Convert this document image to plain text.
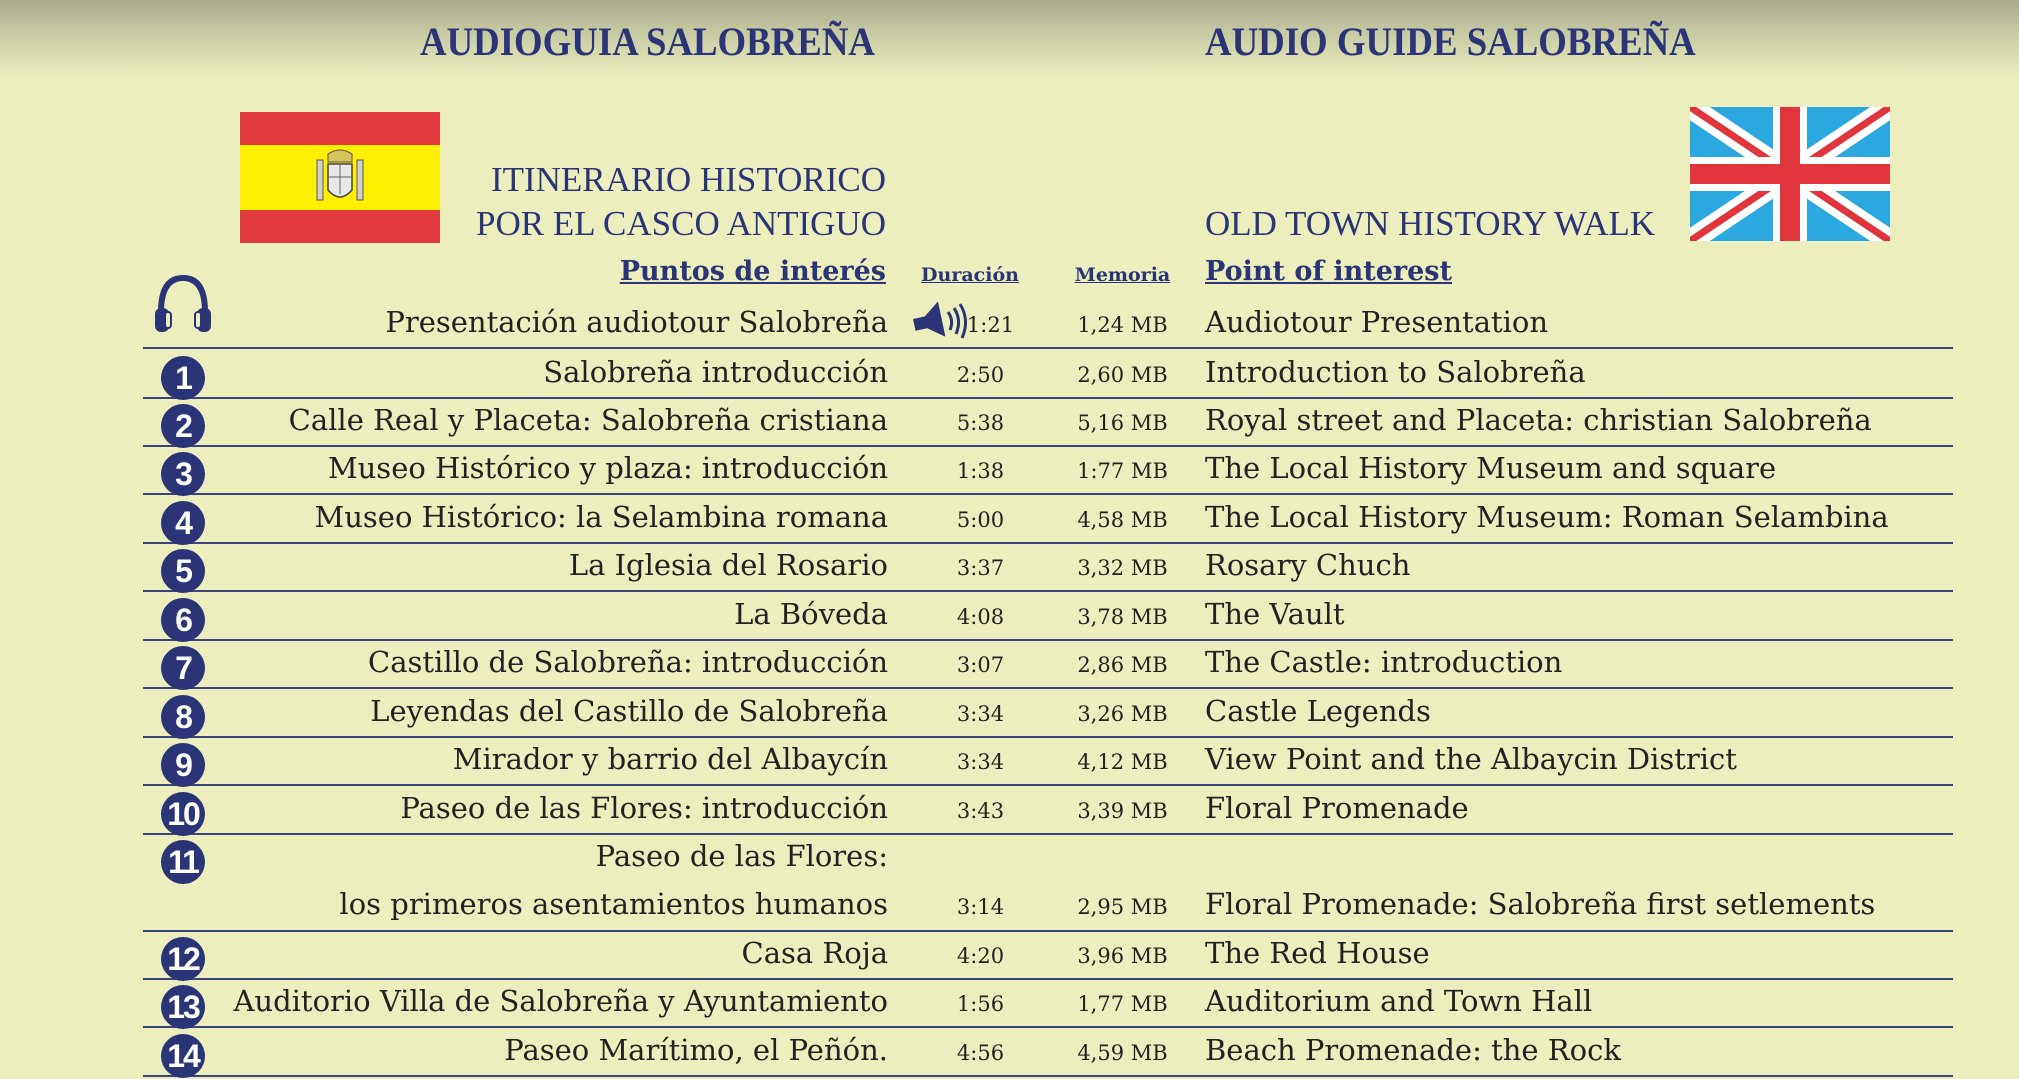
AUDIOGUIA SALOBREÑA	AUDIO GUIDE SALOBREÑA
ITINERARIO HISTORICO
POR EL CASCO ANTIGUO	OLD TOWN HISTORY WALK
Puntos de interés	Duración	Memoria	Point of interest
Presentación audiotour Salobreña	1:21	1,24 MB	Audiotour Presentation
1	Salobreña introducción	2:50	2,60 MB	Introduction to Salobreña
2	Calle Real y Placeta: Salobreña cristiana	5:38	5,16 MB	Royal street and Placeta: christian Salobreña
3	Museo Histórico y plaza: introducción	1:38	1:77 MB	The Local History Museum and square
4	Museo Histórico: la Selambina romana	5:00	4,58 MB	The Local History Museum: Roman Selambina
5	La Iglesia del Rosario	3:37	3,32 MB	Rosary Chuch
6	La Bóveda	4:08	3,78 MB	The Vault
7	Castillo de Salobreña: introducción	3:07	2,86 MB	The Castle: introduction
8	Leyendas del Castillo de Salobreña	3:34	3,26 MB	Castle Legends
9	Mirador y barrio del Albaycín	3:34	4,12 MB	View Point and the Albaycin District
10	Paseo de las Flores: introducción	3:43	3,39 MB	Floral Promenade
11	Paseo de las Flores:
los primeros asentamientos humanos	3:14	2,95 MB	Floral Promenade: Salobreña first setlements
12	Casa Roja	4:20	3,96 MB	The Red House
13 Auditorio Villa de Salobreña y Ayuntamiento	1:56	1,77 MB	Auditorium and Town Hall
14	Paseo Marítimo, el Peñón.	4:56	4,59 MB	Beach Promenade: the Rock
